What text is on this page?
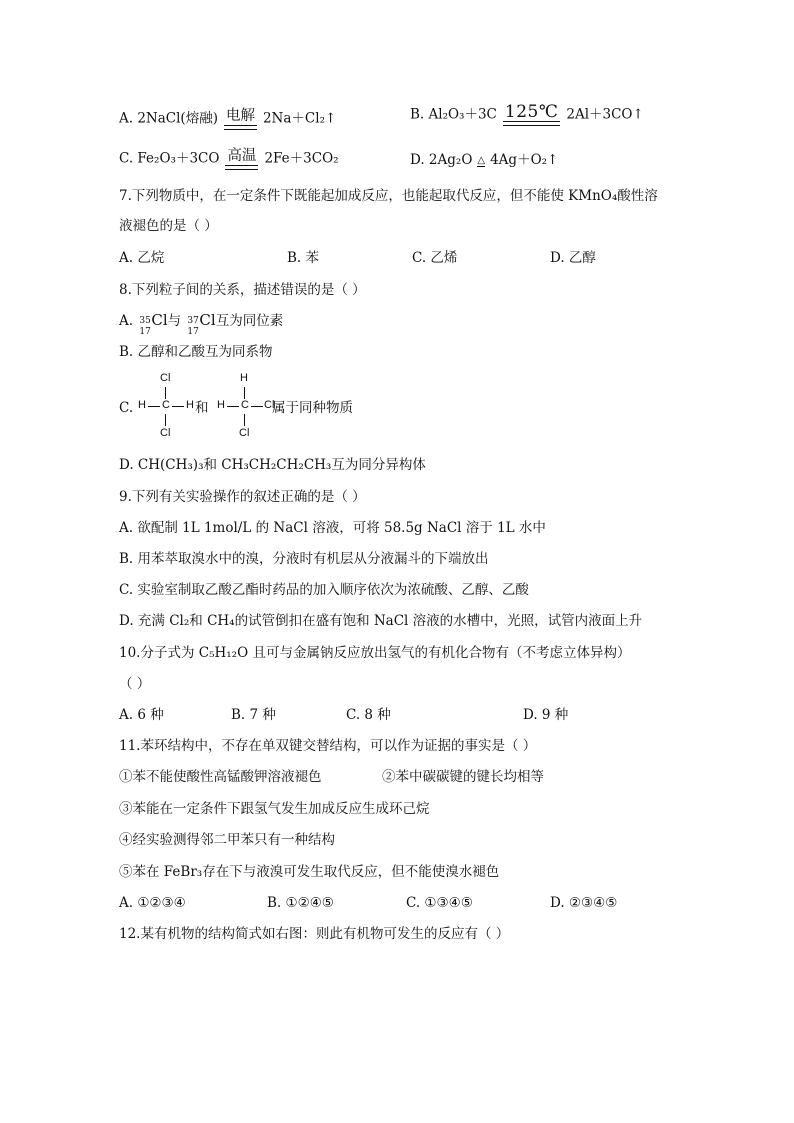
A. 2NaCl(熔融) 电解 2Na＋Cl₂↑	B. Al₂O₃＋3C 125℃ 2Al＋3CO↑
C. Fe₂O₃＋3CO 高温 2Fe＋3CO₂	D. 2Ag₂O △ 4Ag＋O₂↑
7.下列物质中，在一定条件下既能起加成反应，也能起取代反应，但不能使 KMnO₄酸性溶
液褪色的是（ ）
A. 乙烷	B. 苯	C. 乙烯	D. 乙醇
8.下列粒子间的关系，描述错误的是（ ）
A. 35
17
Cl与 37
17
Cl互为同位素
B. 乙醇和乙酸互为同系物
C.
Cl
H C H
Cl
和
H
H C Cl
Cl
属于同种物质
D. CH(CH₃)₃和 CH₃CH₂CH₂CH₃互为同分异构体
9.下列有关实验操作的叙述正确的是（ ）
A. 欲配制 1L 1mol/L 的 NaCl 溶液，可将 58.5g NaCl 溶于 1L 水中
B. 用苯萃取溴水中的溴，分液时有机层从分液漏斗的下端放出
C. 实验室制取乙酸乙酯时药品的加入顺序依次为浓硫酸、乙醇、乙酸
D. 充满 Cl₂和 CH₄的试管倒扣在盛有饱和 NaCl 溶液的水槽中，光照，试管内液面上升
10.分子式为 C₅H₁₂O 且可与金属钠反应放出氢气的有机化合物有（不考虑立体异构）
（ ）
A. 6 种	B. 7 种	C. 8 种	D. 9 种
11.苯环结构中，不存在单双键交替结构，可以作为证据的事实是（ ）
①苯不能使酸性高锰酸钾溶液褪色	②苯中碳碳键的键长均相等
③苯能在一定条件下跟氢气发生加成反应生成环己烷
④经实验测得邻二甲苯只有一种结构
⑤苯在 FeBr₃存在下与液溴可发生取代反应，但不能使溴水褪色
A. ①②③④	B. ①②④⑤	C. ①③④⑤	D. ②③④⑤
12.某有机物的结构简式如右图：则此有机物可发生的反应有（ ）
